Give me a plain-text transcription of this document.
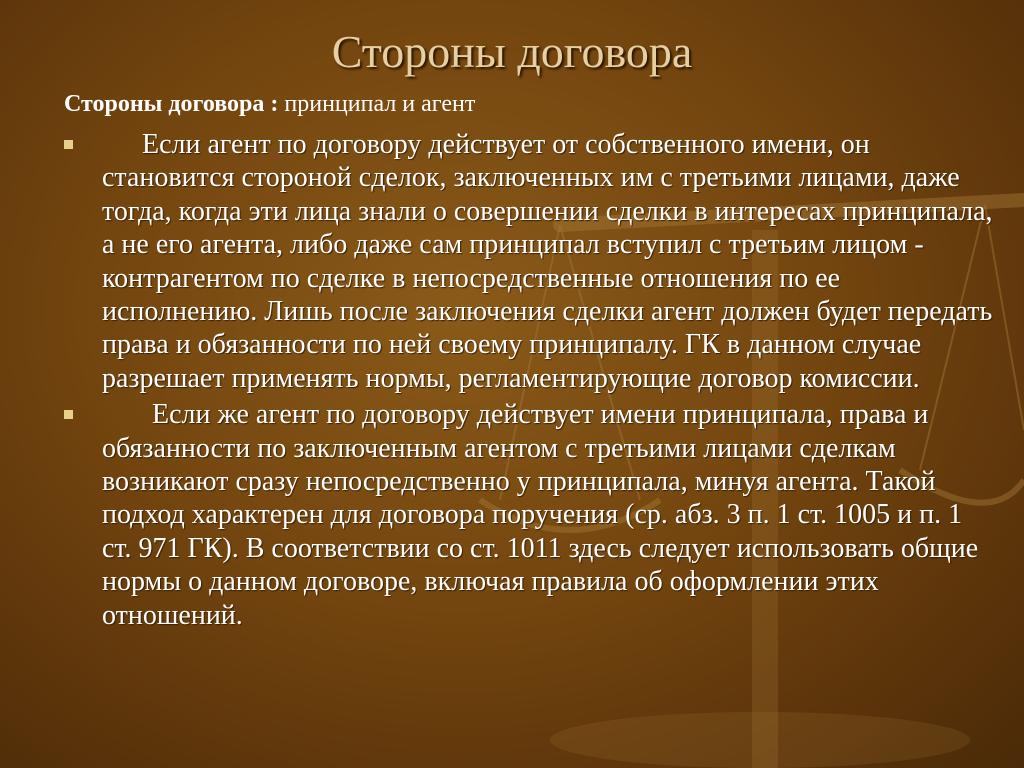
Стороны договора
Стороны договора : принципал и агент
Если агент по договору действует от собственного имени, он становится стороной сделок, заключенных им с третьими лицами, даже тогда, когда эти лица знали о совершении сделки в интересах принципала, а не его агента, либо даже сам принципал вступил с третьим лицом - контрагентом по сделке в непосредственные отношения по ее исполнению. Лишь после заключения сделки агент должен будет передать права и обязанности по ней своему принципалу. ГК в данном случае разрешает применять нормы, регламентирующие договор комиссии.
Если же агент по договору действует имени принципала, права и обязанности по заключенным агентом с третьими лицами сделкам возникают сразу непосредственно у принципала, минуя агента. Такой подход характерен для договора поручения (ср. абз. 3 п. 1 ст. 1005 и п. 1 ст. 971 ГК). В соответствии со ст. 1011 здесь следует использовать общие нормы о данном договоре, включая правила об оформлении этих отношений.
